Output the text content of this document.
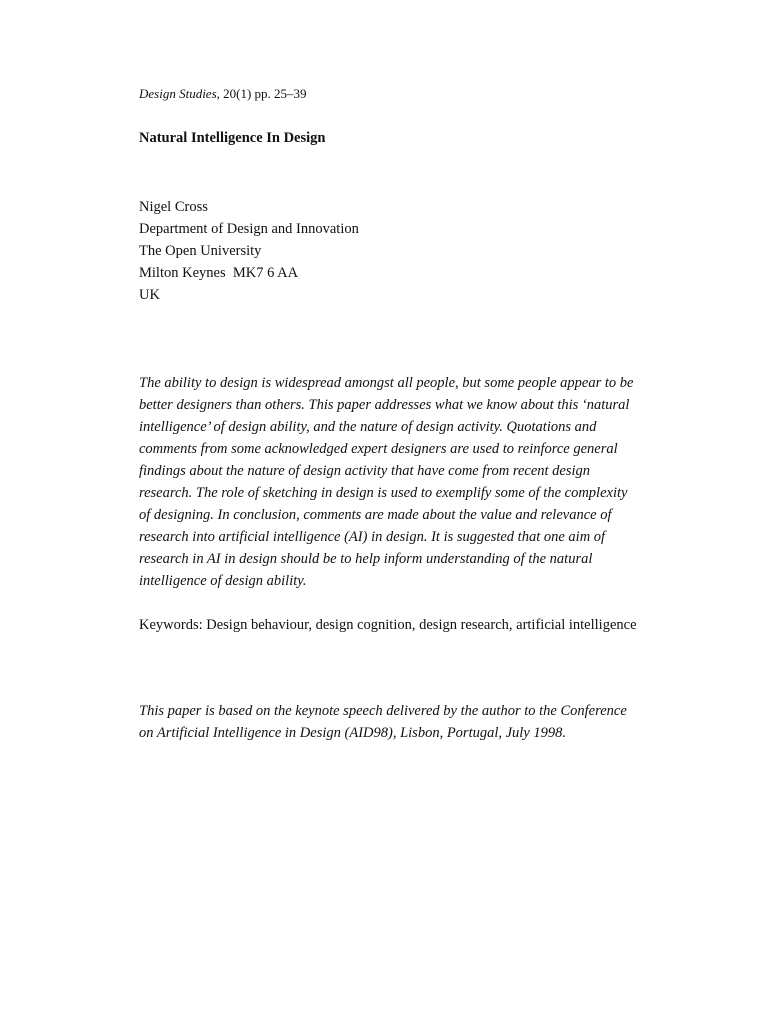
Design Studies, 20(1) pp. 25–39
Natural Intelligence In Design
Nigel Cross
Department of Design and Innovation
The Open University
Milton Keynes  MK7 6 AA
UK
The ability to design is widespread amongst all people, but some people appear to be
better designers than others. This paper addresses what we know about this ‘natural
intelligence’ of design ability, and the nature of design activity. Quotations and
comments from some acknowledged expert designers are used to reinforce general
findings about the nature of design activity that have come from recent design
research. The role of sketching in design is used to exemplify some of the complexity
of designing. In conclusion, comments are made about the value and relevance of
research into artificial intelligence (AI) in design. It is suggested that one aim of
research in AI in design should be to help inform understanding of the natural
intelligence of design ability.
Keywords: Design behaviour, design cognition, design research, artificial intelligence
This paper is based on the keynote speech delivered by the author to the Conference
on Artificial Intelligence in Design (AID98), Lisbon, Portugal, July 1998.
